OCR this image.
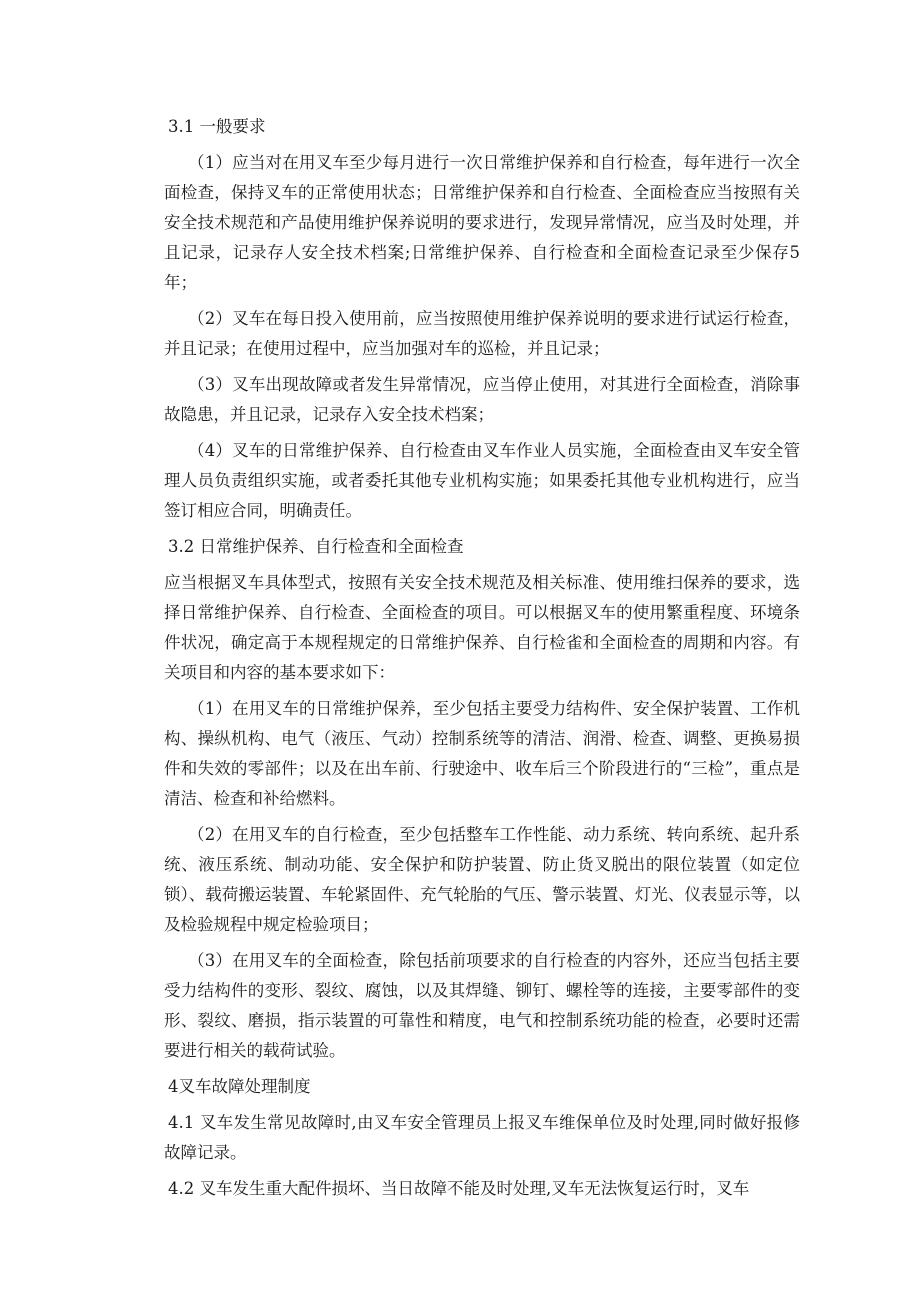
3.1 一般要求

（1）应当对在用叉车至少每月进行一次日常维护保养和自行检查，每年进行一次全面检查，保持叉车的正常使用状态；日常维护保养和自行检查、全面检查应当按照有关安全技术规范和产品使用维护保养说明的要求进行，发现异常情况，应当及时处理，并且记录，记录存人安全技术档案;日常维护保养、自行检查和全面检查记录至少保存5年；

（2）叉车在每日投入使用前，应当按照使用维护保养说明的要求进行试运行检查，并且记录；在使用过程中，应当加强对车的巡检，并且记录；

（3）叉车出现故障或者发生异常情况，应当停止使用，对其进行全面检查，消除事故隐患，并且记录，记录存入安全技术档案；

（4）叉车的日常维护保养、自行检查由叉车作业人员实施，全面检查由叉车安全管理人员负责组织实施，或者委托其他专业机构实施；如果委托其他专业机构进行，应当签订相应合同，明确责任。

3.2 日常维护保养、自行检查和全面检查

应当根据叉车具体型式，按照有关安全技术规范及相关标准、使用维扫保养的要求，选择日常维护保养、自行检查、全面检查的项目。可以根据叉车的使用繁重程度、环境条件状况，确定高于本规程规定的日常维护保养、自行检雀和全面检查的周期和内容。有关项目和内容的基本要求如下：

（1）在用叉车的日常维护保养，至少包括主要受力结构件、安全保护装置、工作机构、操纵机构、电气（液压、气动）控制系统等的清洁、润滑、检查、调整、更换易损件和失效的零部件；以及在出车前、行驶途中、收车后三个阶段进行的“三检”，重点是清洁、检查和补给燃料。

（2）在用叉车的自行检查，至少包括整车工作性能、动力系统、转向系统、起升系统、液压系统、制动功能、安全保护和防护装置、防止货叉脱出的限位装置（如定位锁）、载荷搬运装置、车轮紧固件、充气轮胎的气压、警示装置、灯光、仪表显示等，以及检验规程中规定检验项目；

（3）在用叉车的全面检查，除包括前项要求的自行检查的内容外，还应当包括主要受力结构件的变形、裂纹、腐蚀，以及其焊缝、铆钉、螺栓等的连接，主要零部件的变形、裂纹、磨损，指示装置的可靠性和精度，电气和控制系统功能的检查，必要时还需要进行相关的载荷试验。

4叉车故障处理制度

4.1 叉车发生常见故障时,由叉车安全管理员上报叉车维保单位及时处理,同时做好报修故障记录。

4.2 叉车发生重大配件损坏、当日故障不能及时处理,叉车无法恢复运行时，叉车
